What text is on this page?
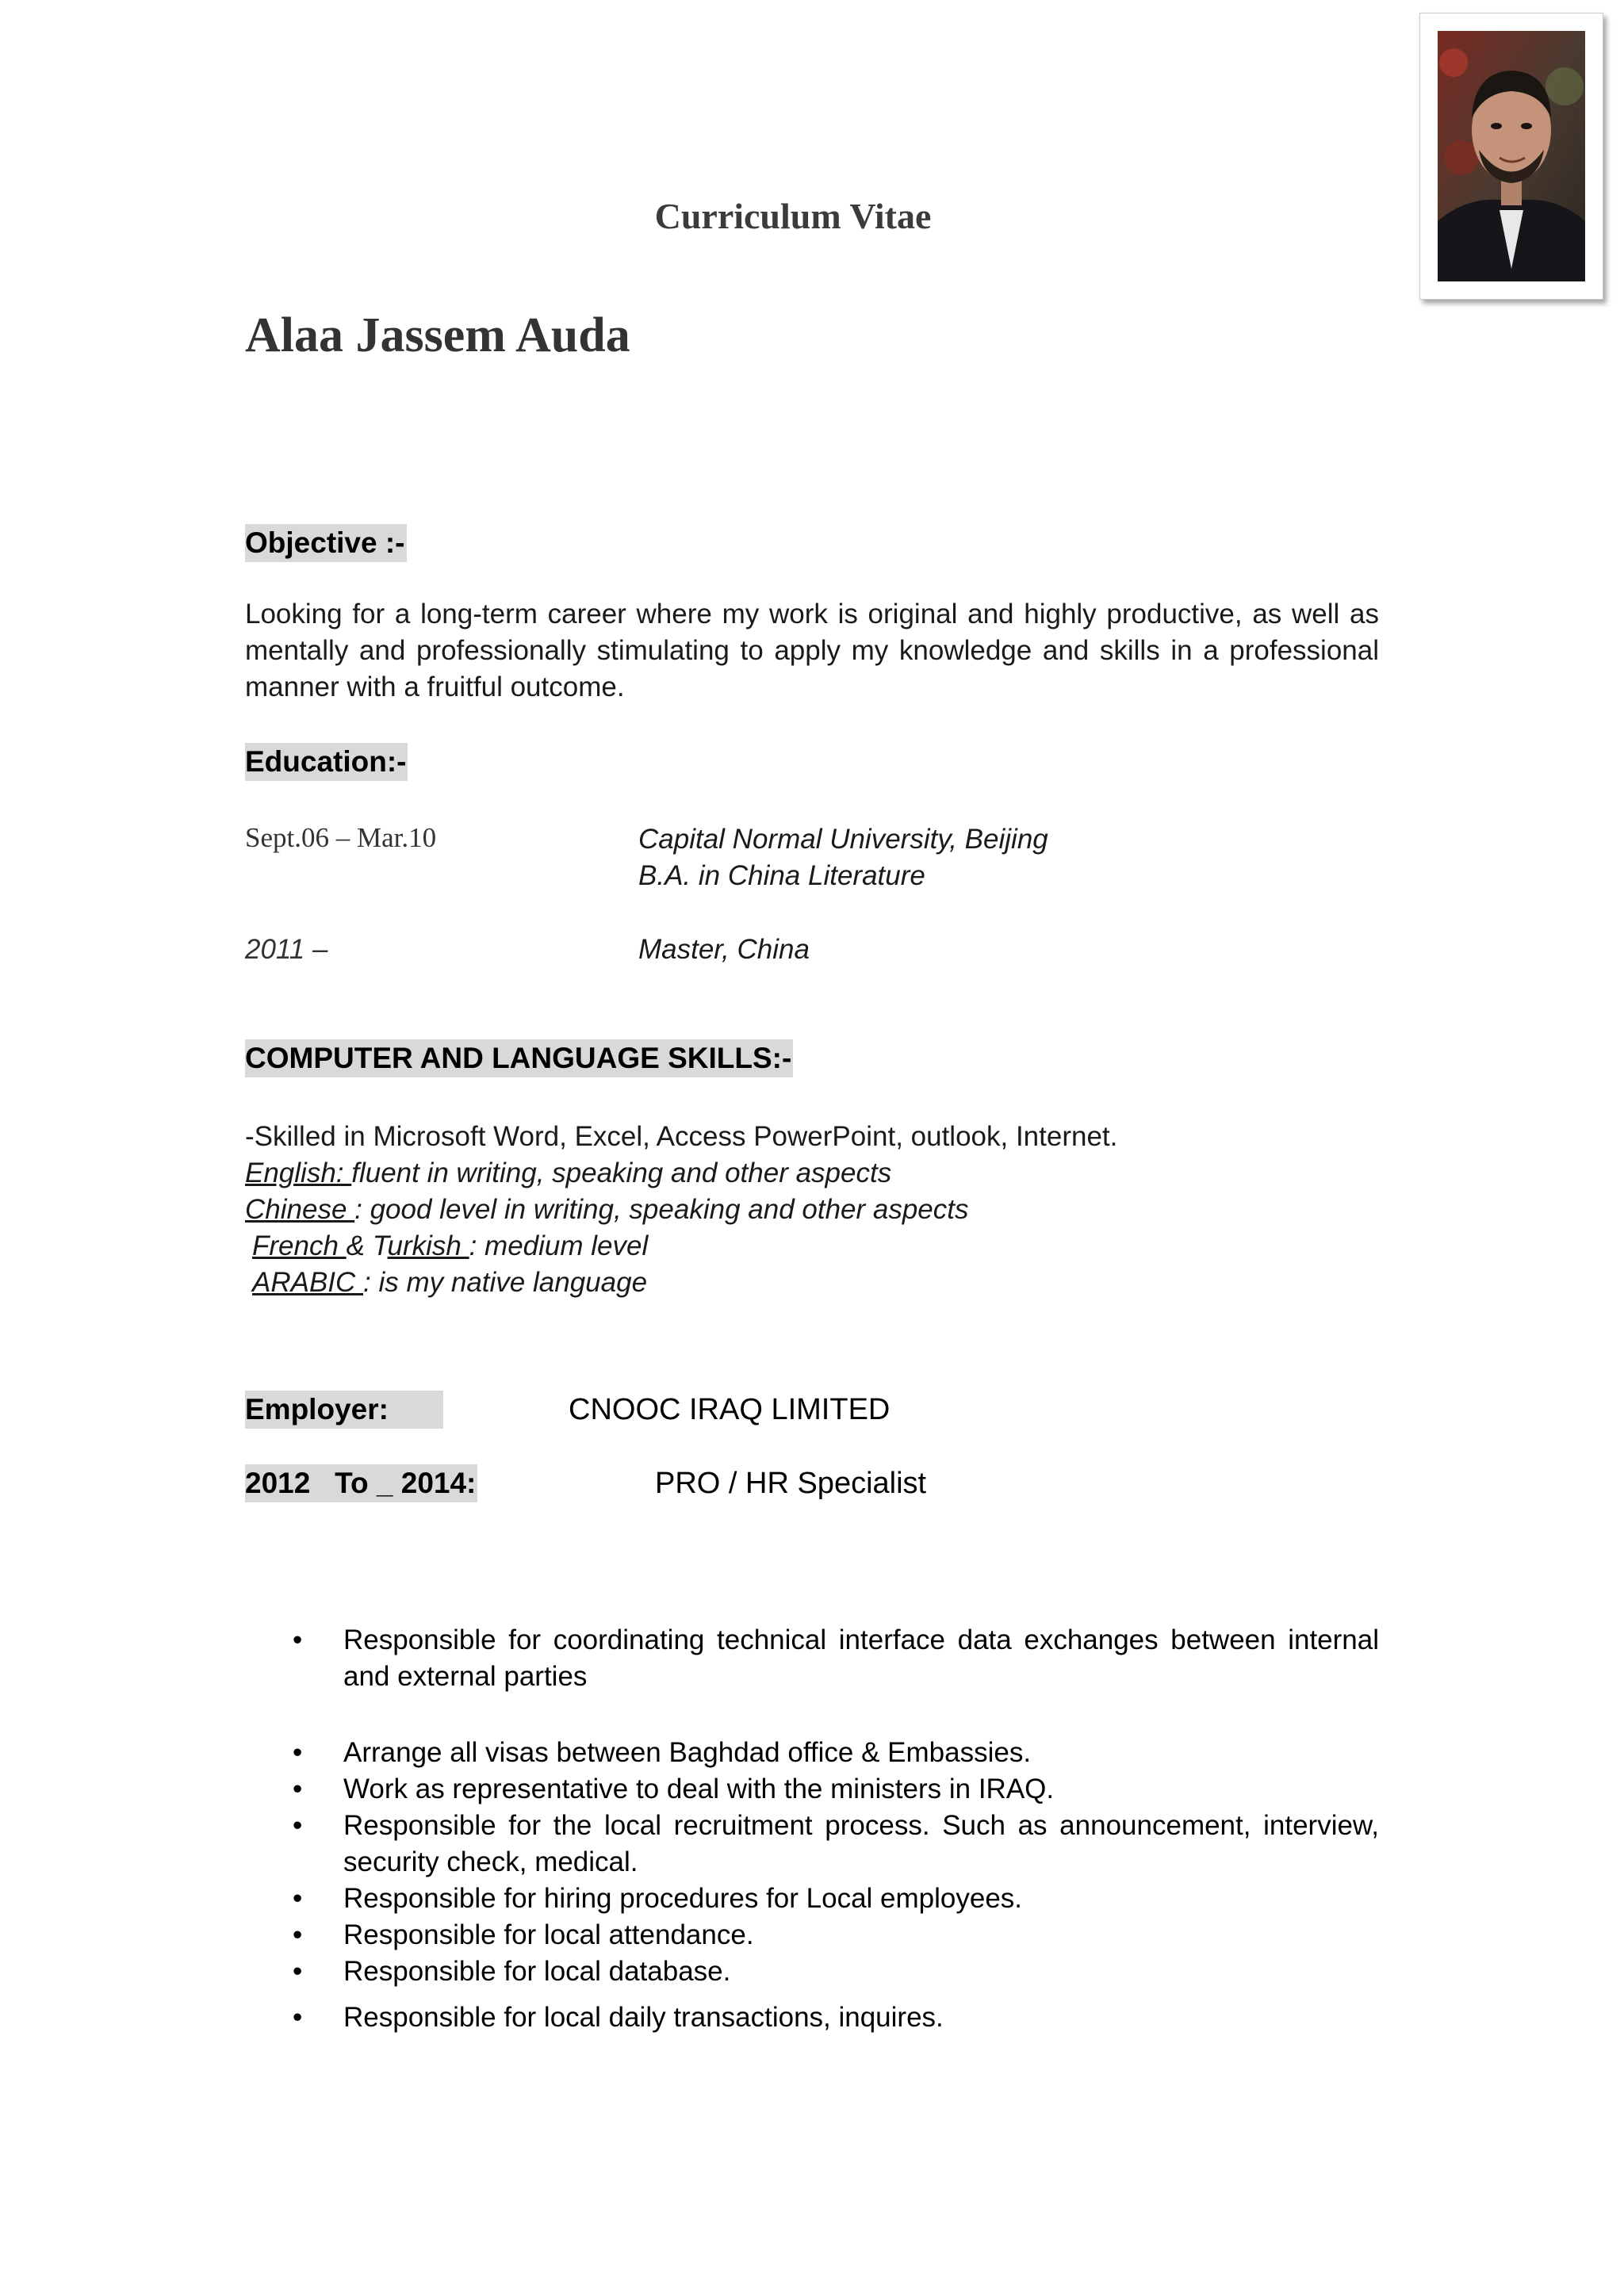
Curriculum Vitae
Alaa Jassem Auda
Objective :-
Looking for a long-term career where my work is original and highly productive, as well as mentally and professionally stimulating to apply my knowledge and skills in a professional manner with a fruitful outcome.
Education:-
Sept.06 – Mar.10	Capital Normal University, Beijing
B.A. in China Literature
2011 –	Master, China
COMPUTER AND LANGUAGE SKILLS:-
-Skilled in Microsoft Word, Excel, Access PowerPoint, outlook, Internet.
English: fluent in writing, speaking and other aspects
Chinese : good level in writing, speaking and other aspects
French & Turkish : medium level
ARABIC : is my native language
Employer:	CNOOC IRAQ LIMITED
2012   To _ 2014:	PRO / HR Specialist
• Responsible for coordinating technical interface data exchanges between internal and external parties
• Arrange all visas between Baghdad office & Embassies.
• Work as representative to deal with the ministers in IRAQ.
• Responsible for the local recruitment process. Such as announcement, interview, security check, medical.
• Responsible for hiring procedures for Local employees.
• Responsible for local attendance.
• Responsible for local database.
• Responsible for local daily transactions, inquires.
